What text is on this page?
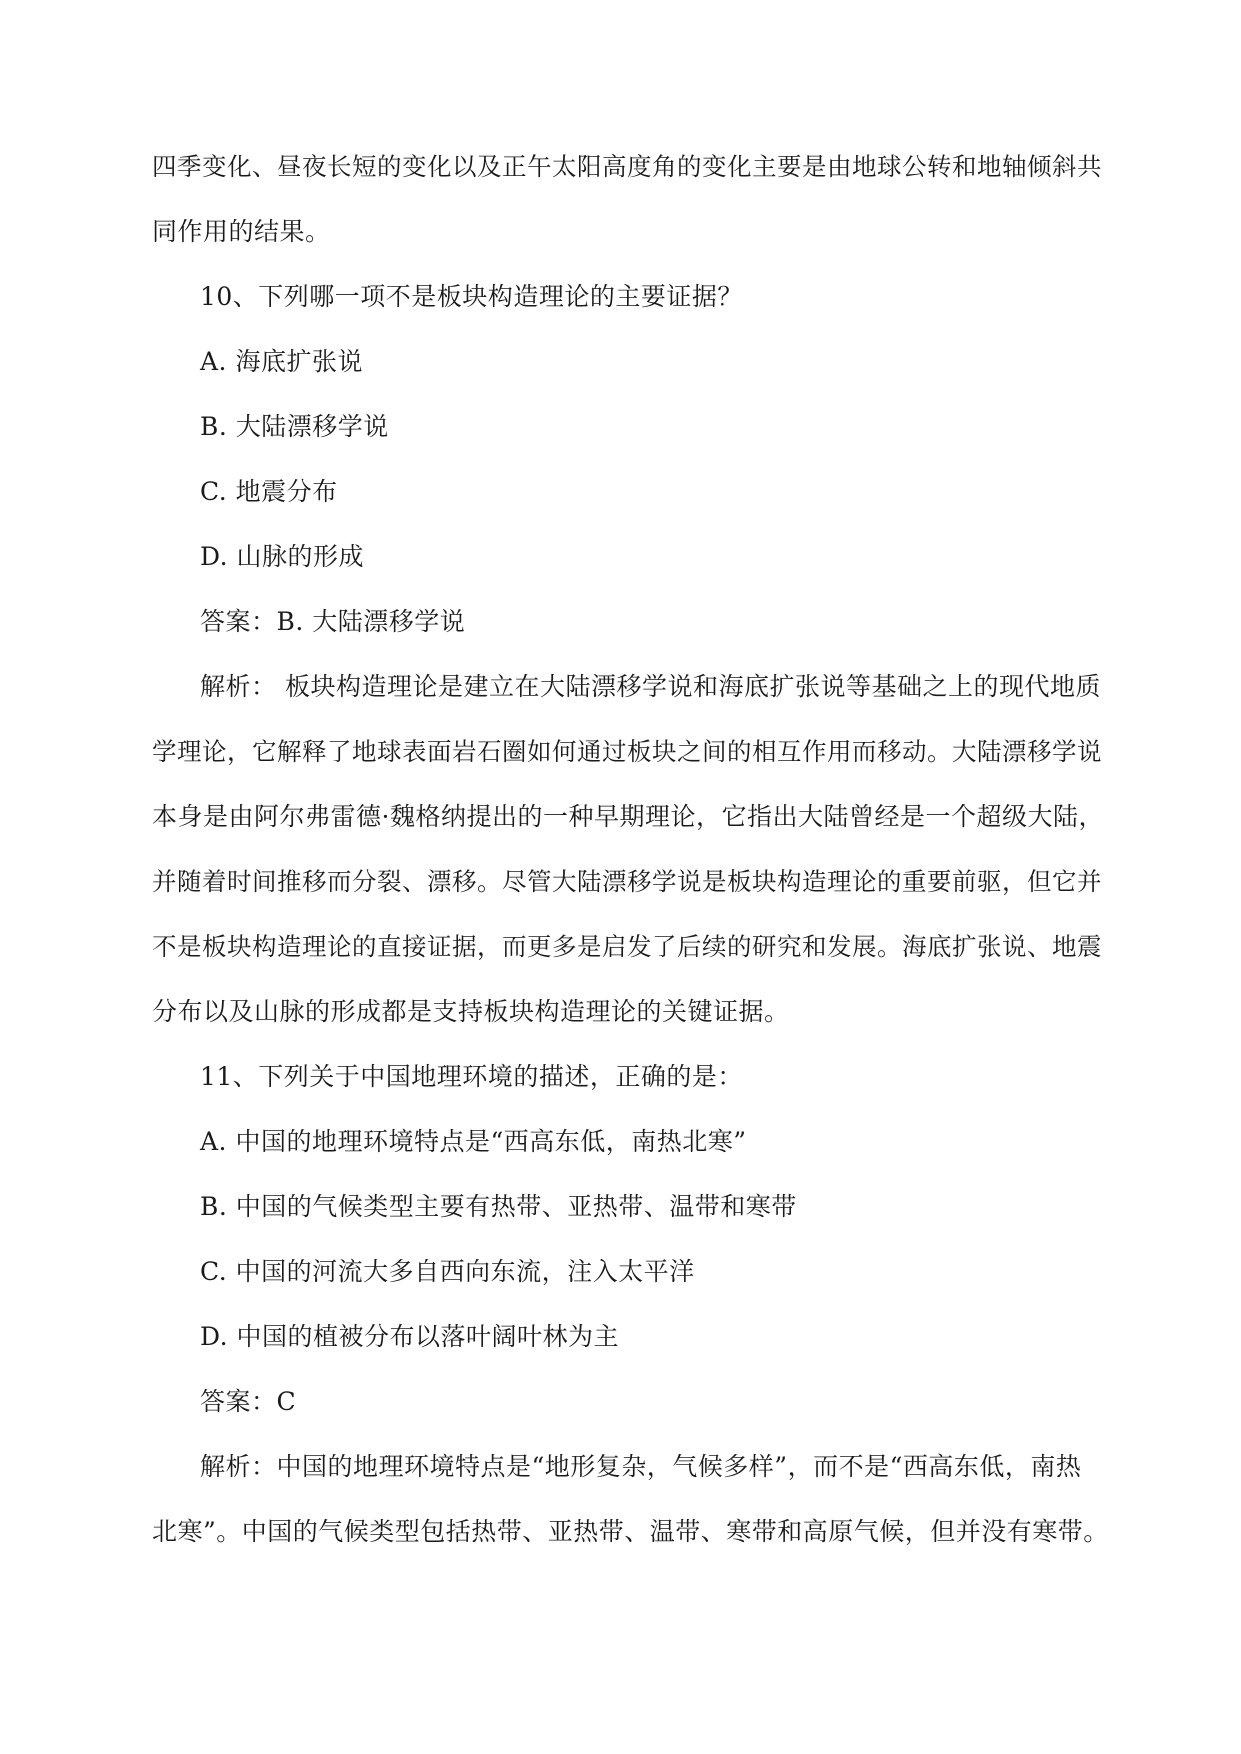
四季变化、昼夜长短的变化以及正午太阳高度角的变化主要是由地球公转和地轴倾斜共
同作用的结果。
10、下列哪一项不是板块构造理论的主要证据？
A. 海底扩张说
B. 大陆漂移学说
C. 地震分布
D. 山脉的形成
答案：B. 大陆漂移学说
解析： 板块构造理论是建立在大陆漂移学说和海底扩张说等基础之上的现代地质
学理论，它解释了地球表面岩石圈如何通过板块之间的相互作用而移动。大陆漂移学说
本身是由阿尔弗雷德·魏格纳提出的一种早期理论，它指出大陆曾经是一个超级大陆，
并随着时间推移而分裂、漂移。尽管大陆漂移学说是板块构造理论的重要前驱，但它并
不是板块构造理论的直接证据，而更多是启发了后续的研究和发展。海底扩张说、地震
分布以及山脉的形成都是支持板块构造理论的关键证据。
11、下列关于中国地理环境的描述，正确的是：
A. 中国的地理环境特点是“西高东低，南热北寒”
B. 中国的气候类型主要有热带、亚热带、温带和寒带
C. 中国的河流大多自西向东流，注入太平洋
D. 中国的植被分布以落叶阔叶林为主
答案：C
解析：中国的地理环境特点是“地形复杂，气候多样”，而不是“西高东低，南热
北寒”。中国的气候类型包括热带、亚热带、温带、寒带和高原气候，但并没有寒带。
